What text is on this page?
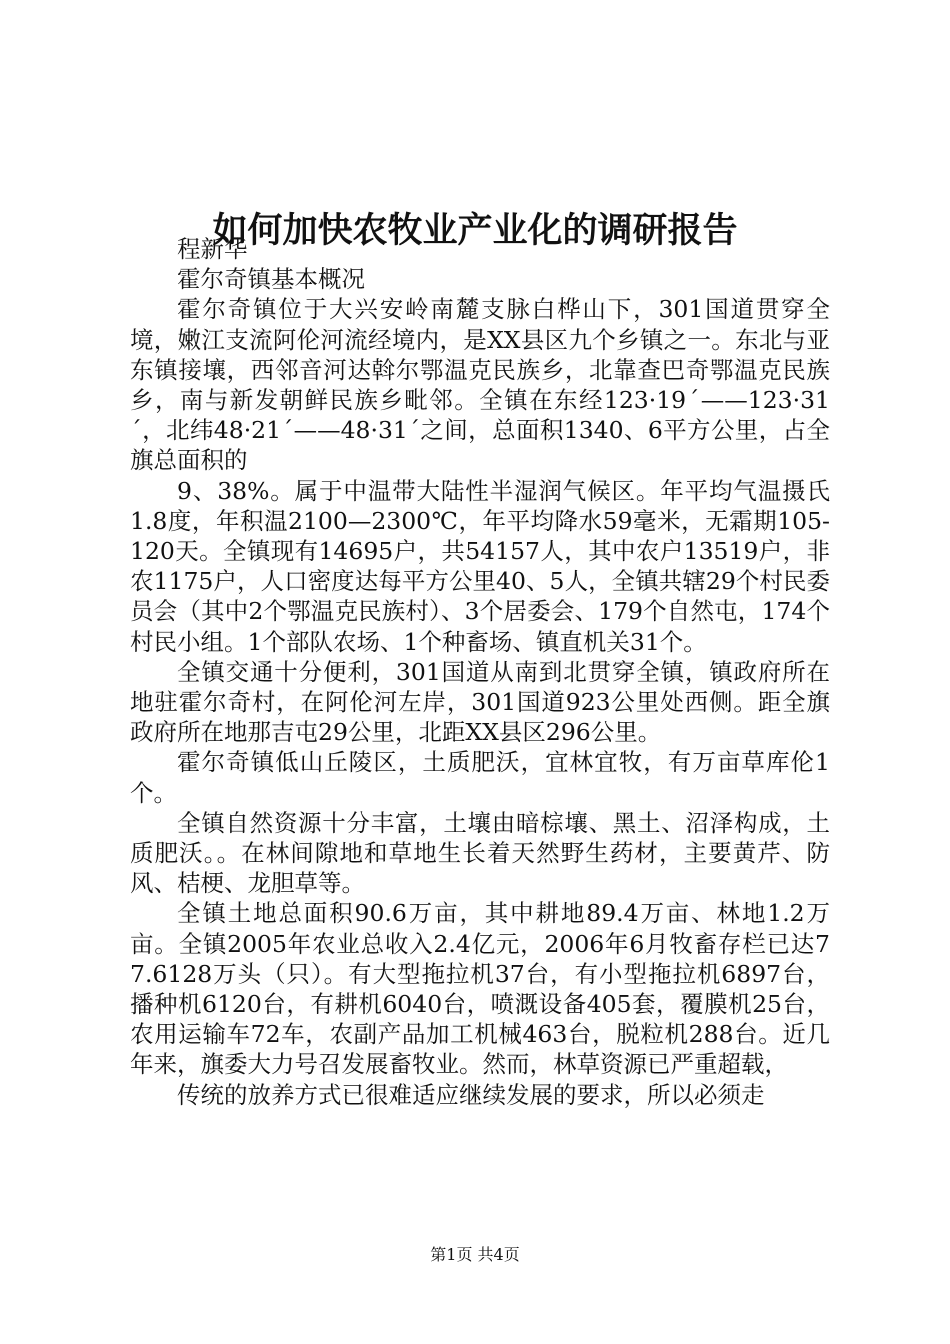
如何加快农牧业产业化的调研报告

程新华

霍尔奇镇基本概况

霍尔奇镇位于大兴安岭南麓支脉白桦山下，301国道贯穿全境，嫩江支流阿伦河流经境内，是XX县区九个乡镇之一。东北与亚东镇接壤，西邻音河达斡尔鄂温克民族乡，北靠查巴奇鄂温克民族乡，南与新发朝鲜民族乡毗邻。全镇在东经123·19ˊ——123·31ˊ，北纬48·21ˊ——48·31ˊ之间，总面积1340、6平方公里，占全旗总面积的

9、38%。属于中温带大陆性半湿润气候区。年平均气温摄氏1.8度，年积温2100—2300℃，年平均降水59毫米，无霜期105-120天。全镇现有14695户，共54157人，其中农户13519户，非农1175户，人口密度达每平方公里40、5人，全镇共辖29个村民委员会（其中2个鄂温克民族村）、3个居委会、179个自然屯，174个村民小组。1个部队农场、1个种畜场、镇直机关31个。

全镇交通十分便利，301国道从南到北贯穿全镇，镇政府所在地驻霍尔奇村，在阿伦河左岸，301国道923公里处西侧。距全旗政府所在地那吉屯29公里，北距XX县区296公里。

霍尔奇镇低山丘陵区，土质肥沃，宜林宜牧，有万亩草库伦1个。

全镇自然资源十分丰富，土壤由暗棕壤、黑土、沼泽构成，土质肥沃。。在林间隙地和草地生长着天然野生药材，主要黄芹、防风、桔梗、龙胆草等。

全镇土地总面积90.6万亩，其中耕地89.4万亩、林地1.2万亩。全镇2005年农业总收入2.4亿元，2006年6月牧畜存栏已达77.6128万头（只）。有大型拖拉机37台，有小型拖拉机6897台，播种机6120台，有耕机6040台，喷溉设备405套，覆膜机25台，农用运输车72车，农副产品加工机械463台，脱粒机288台。近几年来，旗委大力号召发展畜牧业。然而，林草资源已严重超载，

传统的放养方式已很难适应继续发展的要求，所以必须走

第1页 共4页
